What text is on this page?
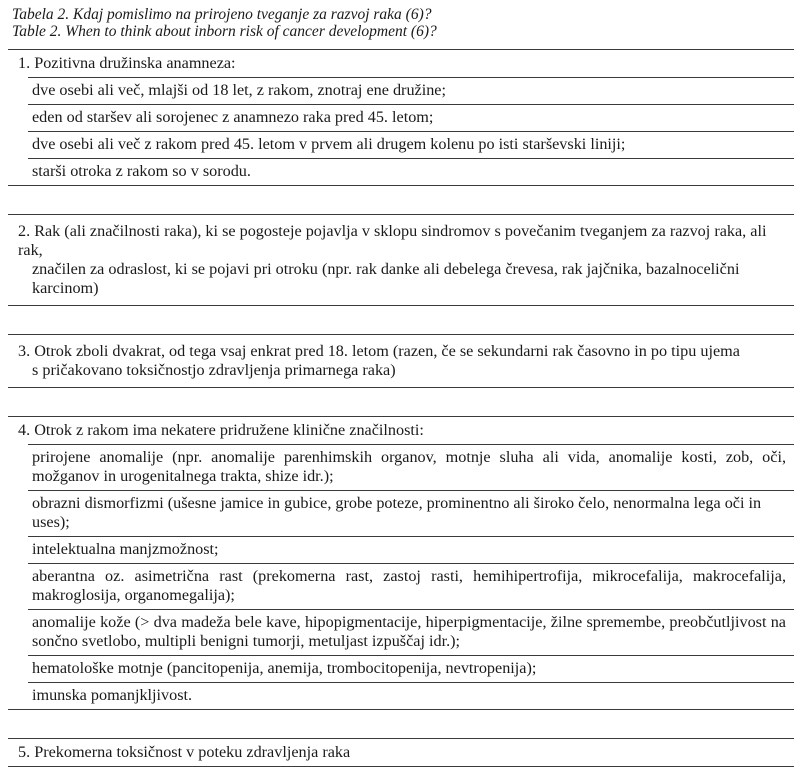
Tabela 2. Kdaj pomislimo na prirojeno tveganje za razvoj raka (6)?
Table 2. When to think about inborn risk of cancer development (6)?
1. Pozitivna družinska anamneza:
dve osebi ali več, mlajši od 18 let, z rakom, znotraj ene družine;
eden od staršev ali sorojenec z anamnezo raka pred 45. letom;
dve osebi ali več z rakom pred 45. letom v prvem ali drugem kolenu po isti starševski liniji;
starši otroka z rakom so v sorodu.
2. Rak (ali značilnosti raka), ki se pogosteje pojavlja v sklopu sindromov s povečanim tveganjem za razvoj raka, ali rak,
značilen za odraslost, ki se pojavi pri otroku (npr. rak danke ali debelega črevesa, rak jajčnika, bazalnocelični karcinom)
3. Otrok zboli dvakrat, od tega vsaj enkrat pred 18. letom (razen, če se sekundarni rak časovno in po tipu ujema
s pričakovano toksičnostjo zdravljenja primarnega raka)
4. Otrok z rakom ima nekatere pridružene klinične značilnosti:
prirojene anomalije (npr. anomalije parenhimskih organov, motnje sluha ali vida, anomalije kosti, zob, oči, možganov in urogenitalnega trakta, shize idr.);
obrazni dismorfizmi (ušesne jamice in gubice, grobe poteze, prominentno ali široko čelo, nenormalna lega oči in uses);
intelektualna manjzmožnost;
aberantna oz. asimetrična rast (prekomerna rast, zastoj rasti, hemihipertrofija, mikrocefalija, makrocefalija, makroglosija, organomegalija);
anomalije kože (> dva madeža bele kave, hipopigmentacije, hiperpigmentacije, žilne spremembe, preobčutljivost na sončno svetlobo, multipli benigni tumorji, metuljast izpuščaj idr.);
hematološke motnje (pancitopenija, anemija, trombocitopenija, nevtropenija);
imunska pomanjkljivost.
5. Prekomerna toksičnost v poteku zdravljenja raka
